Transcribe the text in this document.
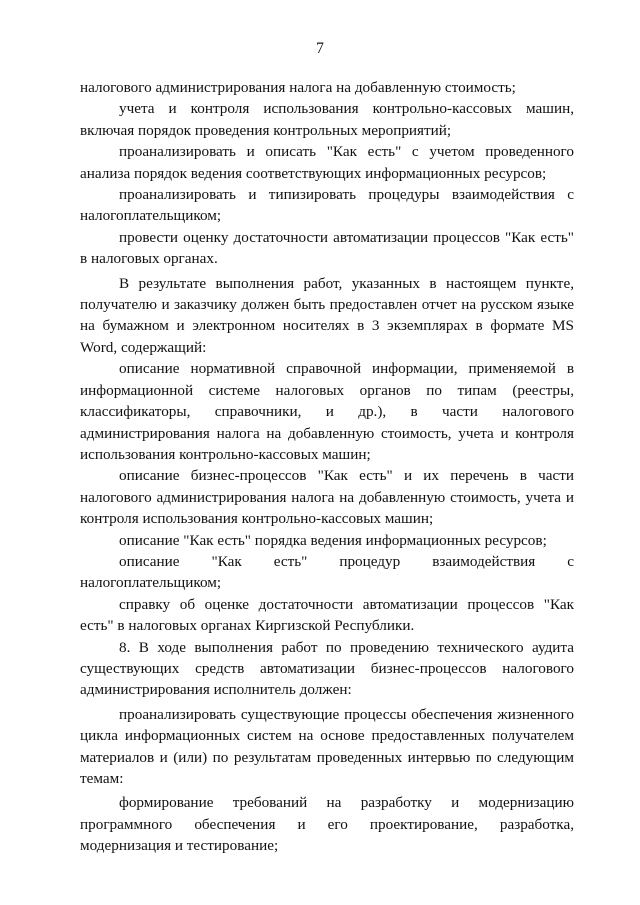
7

налогового администрирования налога на добавленную стоимость;

учета и контроля использования контрольно-кассовых машин, включая порядок проведения контрольных мероприятий;

проанализировать и описать "Как есть" с учетом проведенного анализа порядок ведения соответствующих информационных ресурсов;

проанализировать и типизировать процедуры взаимодействия с налогоплательщиком;

провести оценку достаточности автоматизации процессов "Как есть" в налоговых органах.

В результате выполнения работ, указанных в настоящем пункте, получателю и заказчику должен быть предоставлен отчет на русском языке на бумажном и электронном носителях в 3 экземплярах в формате MS Word, содержащий:

описание нормативной справочной информации, применяемой в информационной системе налоговых органов по типам (реестры, классификаторы, справочники, и др.), в части налогового администрирования налога на добавленную стоимость, учета и контроля использования контрольно-кассовых машин;

описание бизнес-процессов "Как есть" и их перечень в части налогового администрирования налога на добавленную стоимость, учета и контроля использования контрольно-кассовых машин;

описание "Как есть" порядка ведения информационных ресурсов;

описание "Как есть" процедур взаимодействия с налогоплательщиком;

справку об оценке достаточности автоматизации процессов "Как есть" в налоговых органах Киргизской Республики.

8. В ходе выполнения работ по проведению технического аудита существующих средств автоматизации бизнес-процессов налогового администрирования исполнитель должен:

проанализировать существующие процессы обеспечения жизненного цикла информационных систем на основе предоставленных получателем материалов и (или) по результатам проведенных интервью по следующим темам:

формирование требований на разработку и модернизацию программного обеспечения и его проектирование, разработка, модернизация и тестирование;
